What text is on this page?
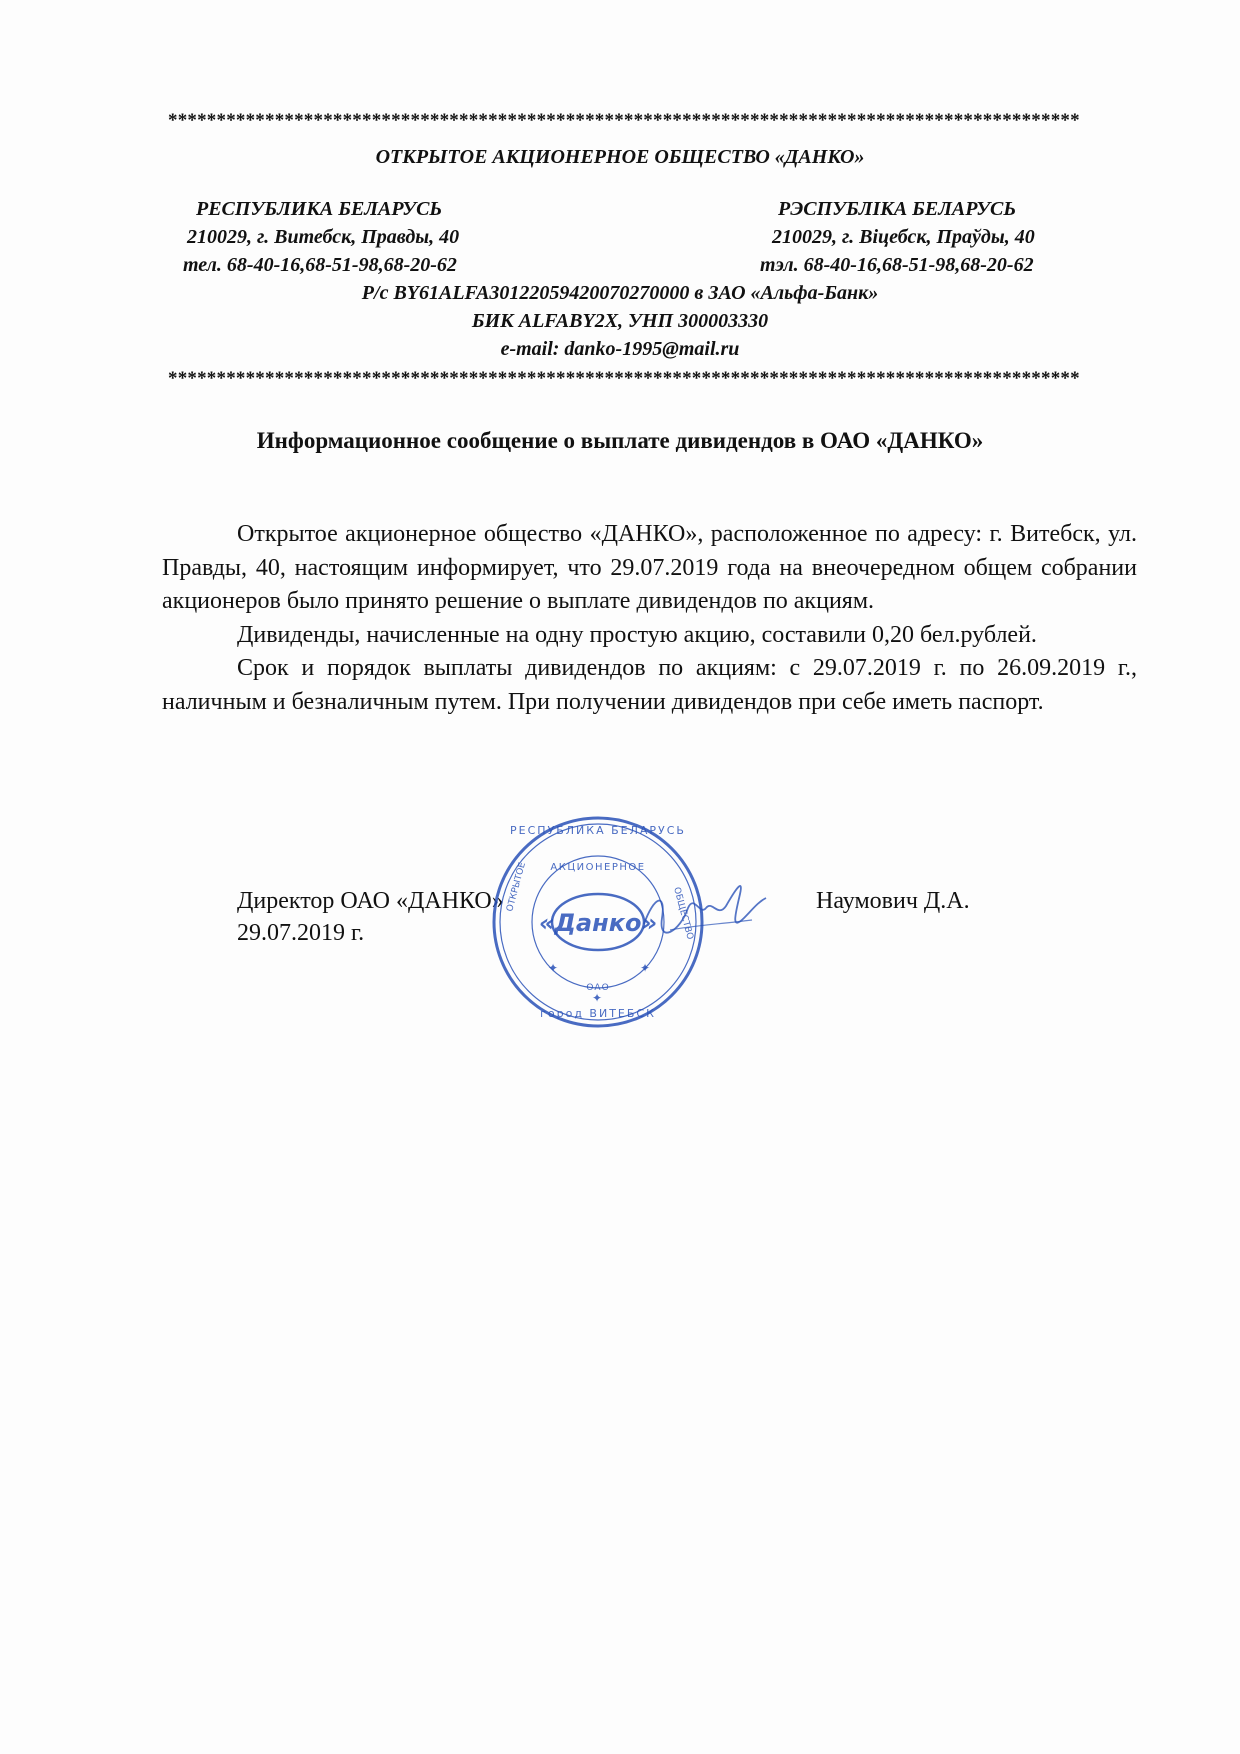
**********************************************************************************************
ОТКРЫТОЕ АКЦИОНЕРНОЕ ОБЩЕСТВО «ДАНКО»
РЕСПУБЛИКА БЕЛАРУСЬ
210029, г. Витебск, Правды, 40
тел. 68-40-16,68-51-98,68-20-62
РЭСПУБЛIКА БЕЛАРУСЬ
210029, г. Вiцебск, Праўды, 40
тэл. 68-40-16,68-51-98,68-20-62
Р/с BY61ALFA30122059420070270000 в ЗАО «Альфа-Банк»
БИК ALFABY2X, УНП 300003330
e-mail: danko-1995@mail.ru
**********************************************************************************************
Информационное сообщение о выплате дивидендов в ОАО «ДАНКО»

Открытое акционерное общество «ДАНКО», расположенное по адресу: г. Витебск, ул. Правды, 40, настоящим информирует, что 29.07.2019 года на внеочередном общем собрании акционеров было принято решение о выплате дивидендов по акциям.

Дивиденды, начисленные на одну простую акцию, составили 0,20 бел.рублей.

Срок и порядок выплаты дивидендов по акциям: с 29.07.2019 г. по 26.09.2019 г., наличным и безналичным путем. При получении дивидендов при себе иметь паспорт.

Директор ОАО «ДАНКО»
29.07.2019 г.
Наумович Д.А.
«Данко»
РЕСПУБЛИКА БЕЛАРУСЬ
АКЦИОНЕРНОЕ
ОАО
город ВИТЕБСК
ОТКРЫТОЕ	ОБЩЕСТВО
✦	✦
✦
